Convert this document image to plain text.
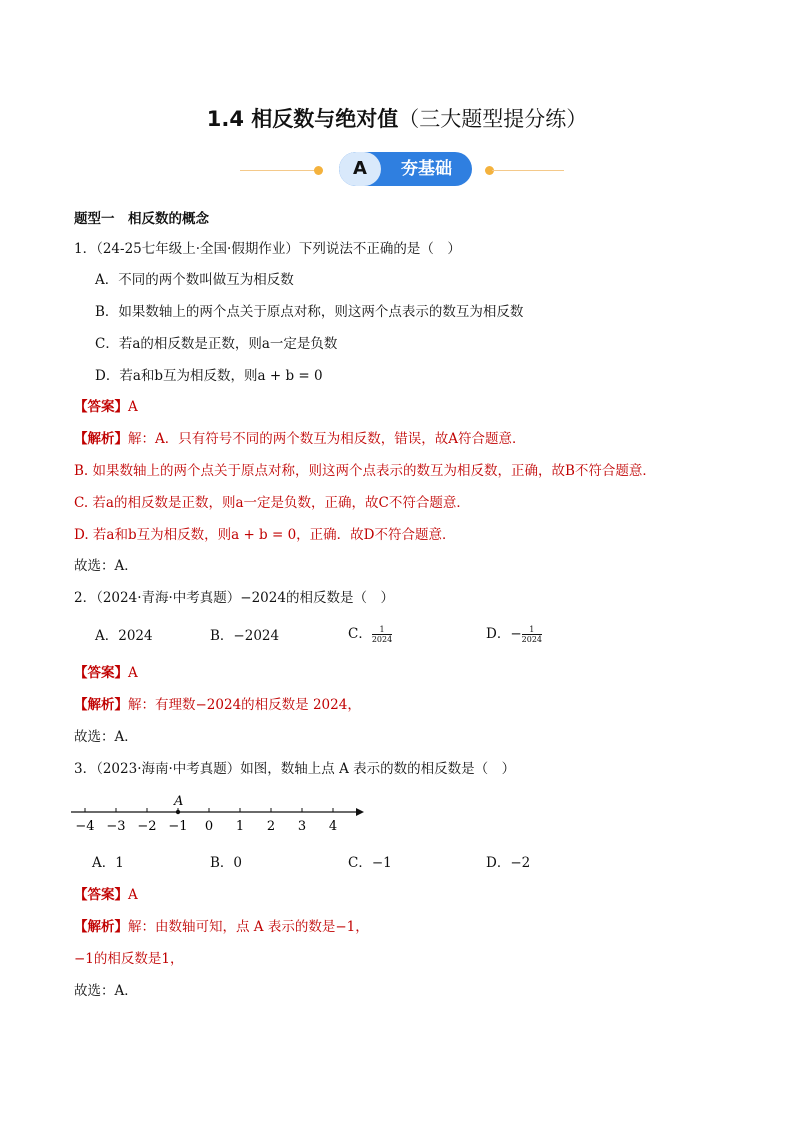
1.4 相反数与绝对值（三大题型提分练）
A	夯基础
题型一　相反数的概念
1．（24-25七年级上·全国·假期作业）下列说法不正确的是（　）
A．不同的两个数叫做互为相反数
B．如果数轴上的两个点关于原点对称，则这两个点表示的数互为相反数
C．若a的相反数是正数，则a一定是负数
D．若a和b互为相反数，则a + b = 0
【答案】A
【解析】解：A．只有符号不同的两个数互为相反数，错误，故A符合题意．
B. 如果数轴上的两个点关于原点对称，则这两个点表示的数互为相反数，正确，故B不符合题意．
C. 若a的相反数是正数，则a一定是负数，正确，故C不符合题意．
D. 若a和b互为相反数，则a + b = 0，正确．故D不符合题意．
故选：A．
2．（2024·青海·中考真题）−2024的相反数是（　）
A．2024	B．−2024	C． $\frac{1}{2024}$	D．− $\frac{1}{2024}$
【答案】A
【解析】解：有理数−2024的相反数是 2024，
故选：A．
3．（2023·海南·中考真题）如图，数轴上点 A 表示的数的相反数是（　）
−4 −3 −2 −1 0 1 2 3 4
A
A．1	B．0	C．−1	D．−2
【答案】A
【解析】解：由数轴可知，点 A 表示的数是−1，
−1的相反数是1，
故选：A．
